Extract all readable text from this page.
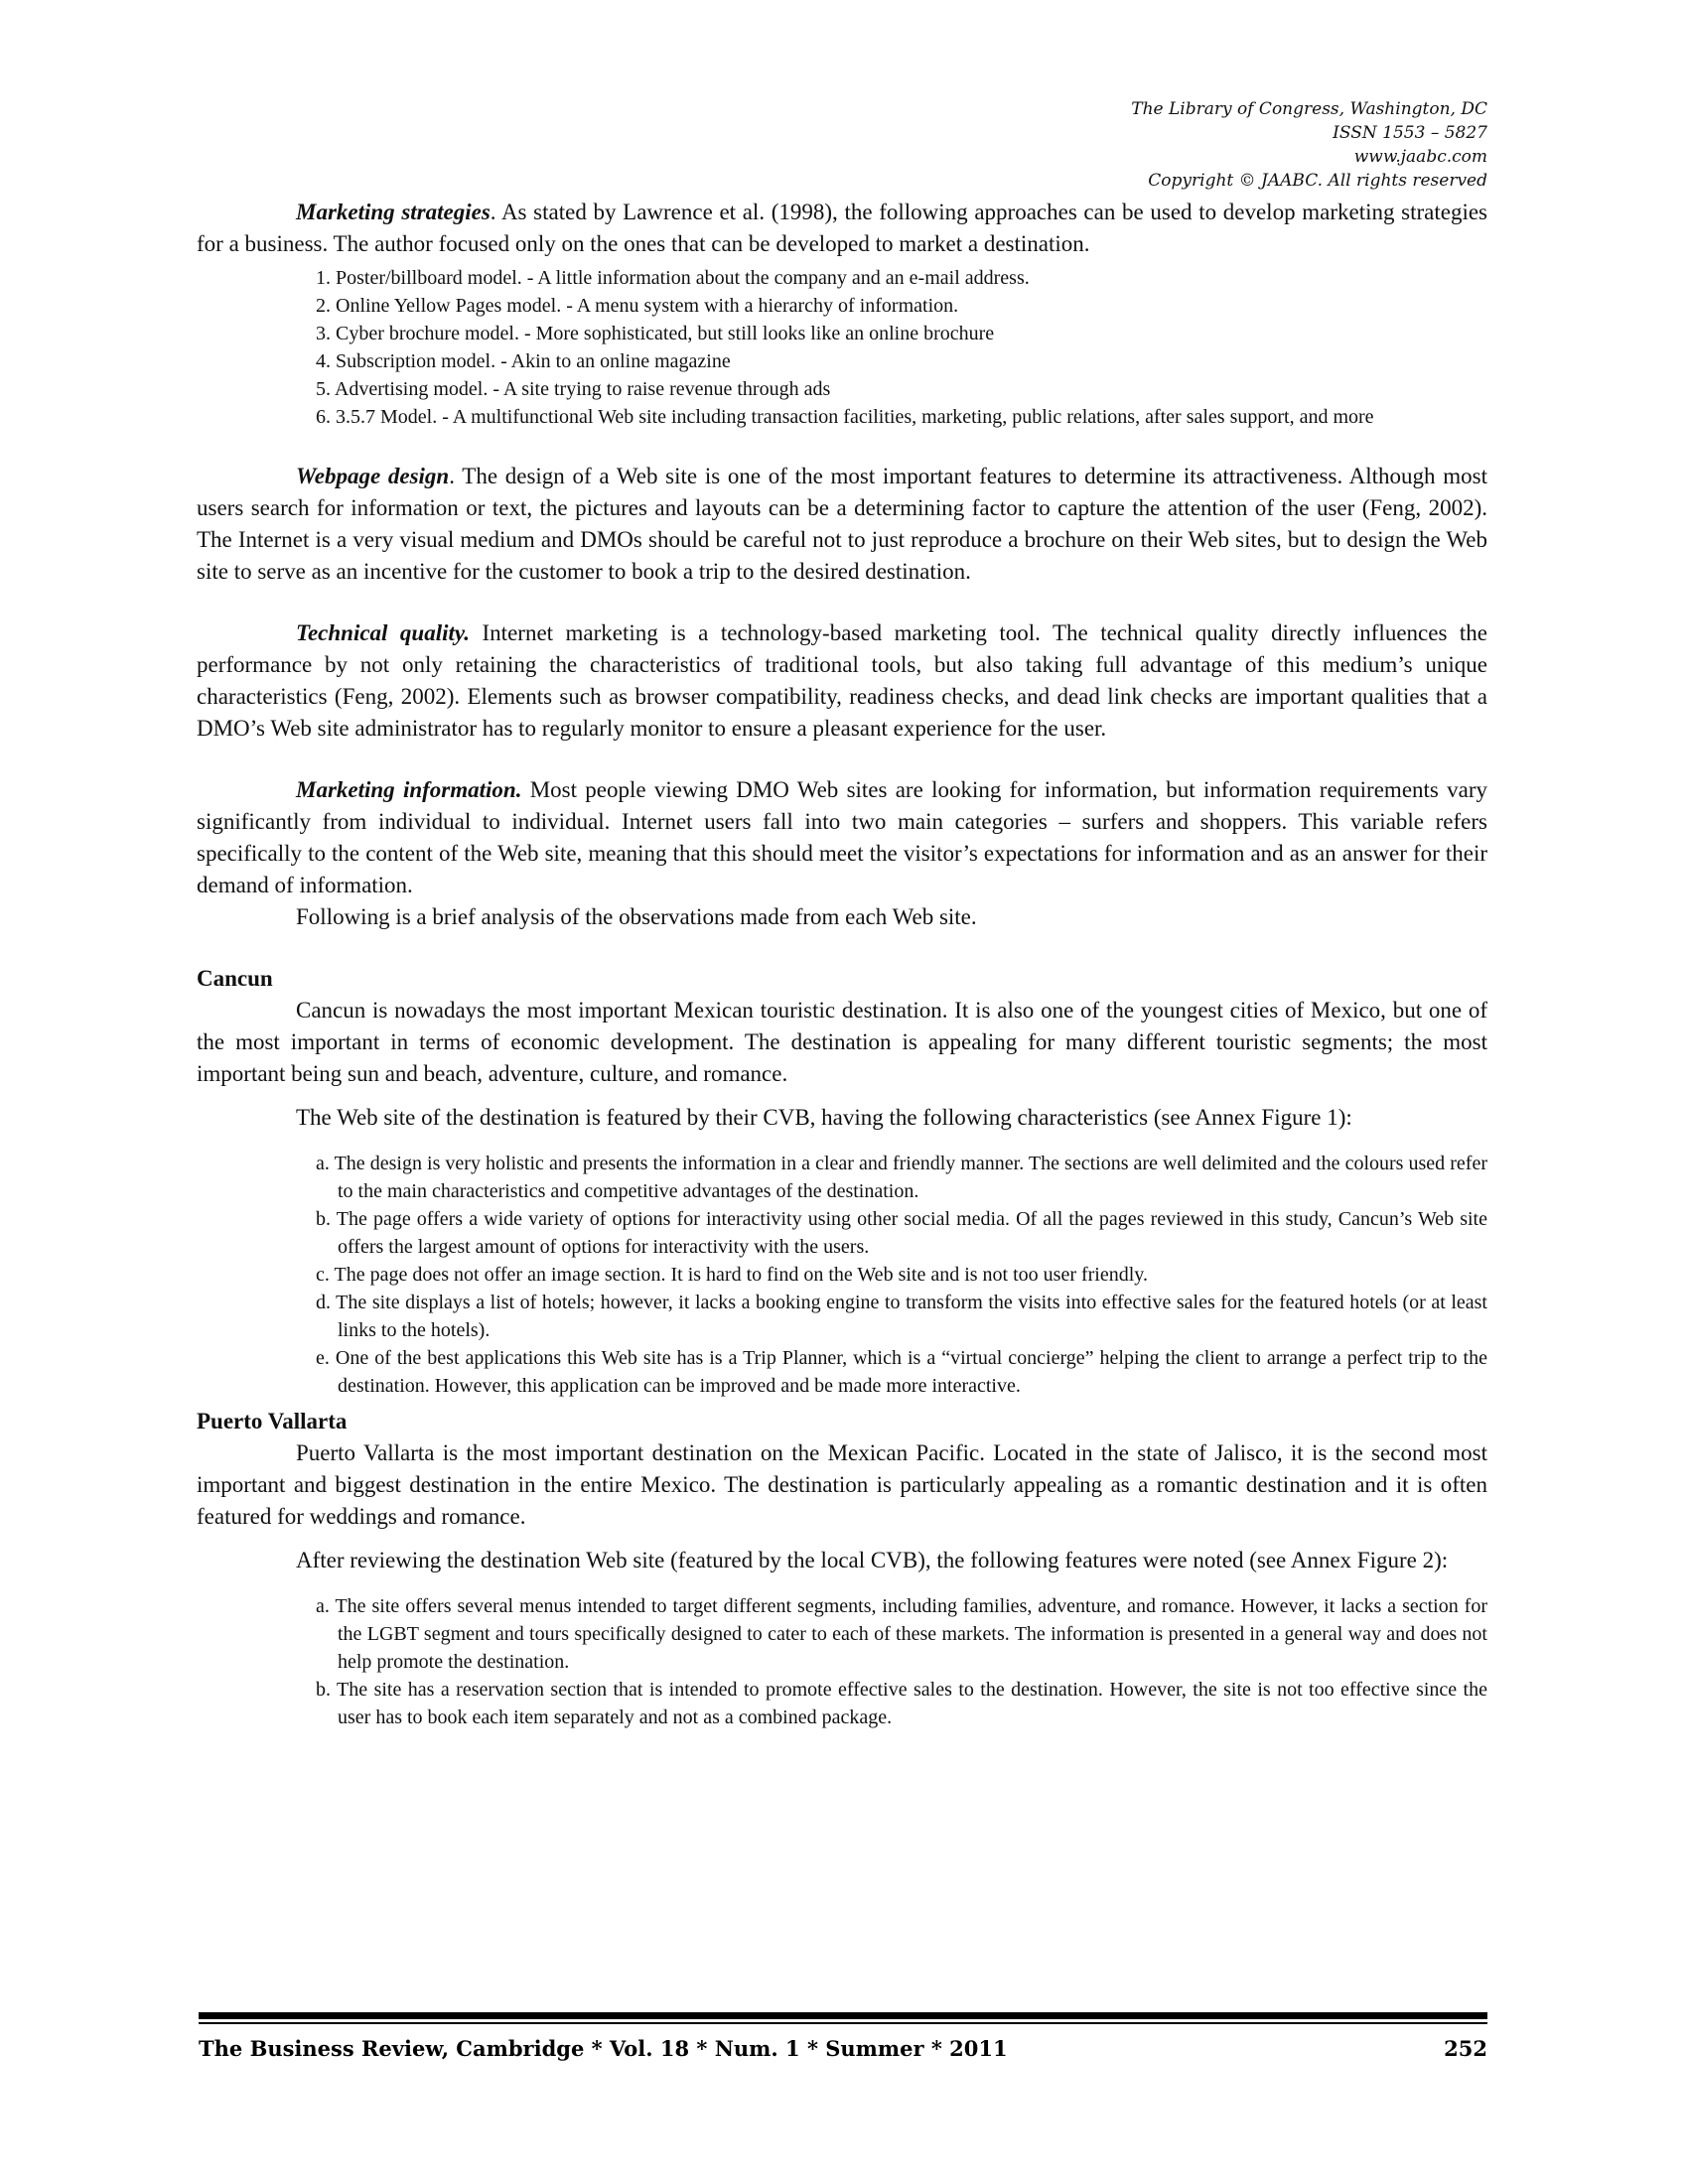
The Library of Congress, Washington, DC
ISSN 1553 – 5827
www.jaabc.com
Copyright © JAABC. All rights reserved

Marketing strategies. As stated by Lawrence et al. (1998), the following approaches can be used to develop marketing strategies for a business. The author focused only on the ones that can be developed to market a destination.

1. Poster/billboard model. - A little information about the company and an e-mail address.
2. Online Yellow Pages model. - A menu system with a hierarchy of information.
3. Cyber brochure model. - More sophisticated, but still looks like an online brochure
4. Subscription model. - Akin to an online magazine
5. Advertising model. - A site trying to raise revenue through ads
6. 3.5.7 Model. - A multifunctional Web site including transaction facilities, marketing, public relations, after sales support, and more

Webpage design. The design of a Web site is one of the most important features to determine its attractiveness. Although most users search for information or text, the pictures and layouts can be a determining factor to capture the attention of the user (Feng, 2002). The Internet is a very visual medium and DMOs should be careful not to just reproduce a brochure on their Web sites, but to design the Web site to serve as an incentive for the customer to book a trip to the desired destination.

Technical quality. Internet marketing is a technology-based marketing tool. The technical quality directly influences the performance by not only retaining the characteristics of traditional tools, but also taking full advantage of this medium’s unique characteristics (Feng, 2002). Elements such as browser compatibility, readiness checks, and dead link checks are important qualities that a DMO’s Web site administrator has to regularly monitor to ensure a pleasant experience for the user.

Marketing information. Most people viewing DMO Web sites are looking for information, but information requirements vary significantly from individual to individual. Internet users fall into two main categories – surfers and shoppers. This variable refers specifically to the content of the Web site, meaning that this should meet the visitor’s expectations for information and as an answer for their demand of information.

Following is a brief analysis of the observations made from each Web site.

Cancun

Cancun is nowadays the most important Mexican touristic destination. It is also one of the youngest cities of Mexico, but one of the most important in terms of economic development. The destination is appealing for many different touristic segments; the most important being sun and beach, adventure, culture, and romance.

The Web site of the destination is featured by their CVB, having the following characteristics (see Annex Figure 1):

a. The design is very holistic and presents the information in a clear and friendly manner. The sections are well delimited and the colours used refer to the main characteristics and competitive advantages of the destination.
b. The page offers a wide variety of options for interactivity using other social media. Of all the pages reviewed in this study, Cancun’s Web site offers the largest amount of options for interactivity with the users.
c. The page does not offer an image section. It is hard to find on the Web site and is not too user friendly.
d. The site displays a list of hotels; however, it lacks a booking engine to transform the visits into effective sales for the featured hotels (or at least links to the hotels).
e. One of the best applications this Web site has is a Trip Planner, which is a “virtual concierge” helping the client to arrange a perfect trip to the destination. However, this application can be improved and be made more interactive.

Puerto Vallarta

Puerto Vallarta is the most important destination on the Mexican Pacific. Located in the state of Jalisco, it is the second most important and biggest destination in the entire Mexico. The destination is particularly appealing as a romantic destination and it is often featured for weddings and romance.

After reviewing the destination Web site (featured by the local CVB), the following features were noted (see Annex Figure 2):

a. The site offers several menus intended to target different segments, including families, adventure, and romance. However, it lacks a section for the LGBT segment and tours specifically designed to cater to each of these markets. The information is presented in a general way and does not help promote the destination.
b. The site has a reservation section that is intended to promote effective sales to the destination. However, the site is not too effective since the user has to book each item separately and not as a combined package.
The Business Review, Cambridge * Vol. 18 * Num. 1 * Summer * 2011	252
